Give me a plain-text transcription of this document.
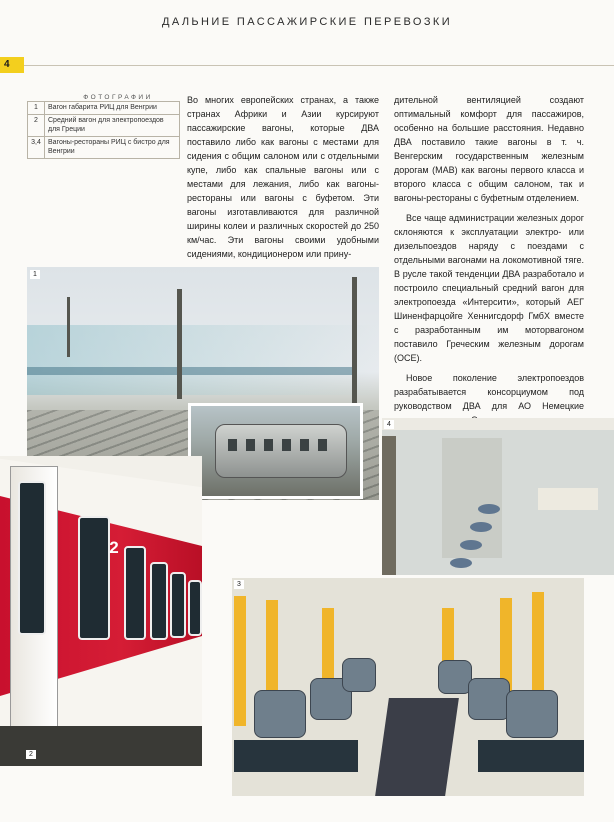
ДАЛЬНИЕ ПАССАЖИРСКИЕ ПЕРЕВОЗКИ
4
ФОТОГРАФИИ
1	Вагон габарита РИЦ для Венгрии
2	Средний вагон для электропоездов для Греции
3,4	Вагоны-рестораны РИЦ с бистро для Венгрии

Во многих европейских странах, а также странах Африки и Азии курсируют пассажирские вагоны, которые ДВА поставило либо как вагоны с местами для сидения с общим салоном или с отдельными купе, либо как спальные вагоны или с местами для лежания, либо как вагоны-рестораны или вагоны с буфетом. Эти вагоны изготавливаются для различной ширины колеи и различных скоростей до 250 км/час. Эти вагоны своими удобными сидениями, кондиционером или прину-

дительной вентиляцией создают оптимальный комфорт для пассажиров, особенно на большие расстояния. Недавно ДВА поставило такие вагоны в т. ч. Венгерским государственным железным дорогам (МАВ) как вагоны первого класса и второго класса с общим салоном, так и вагоны-рестораны с буфетным отделением.

Все чаще администрации железных дорог склоняются к эксплуатации электро- или дизельпоездов наряду с поездами с отдельными вагонами на локомотивной тяге. В русле такой тенденции ДВА разработало и построило специальный средний вагон для электропоезда «Интерсити», который АЕГ Шиненфарцойге Хеннигсдорф ГмбХ вместе с разработанным им моторвагоном поставило Греческим железным дорогам (ОСЕ).

Новое поколение электропоездов разрабатывается консорциумом под руководством ДВА для АО Немецкие

1
2
2
3
4
